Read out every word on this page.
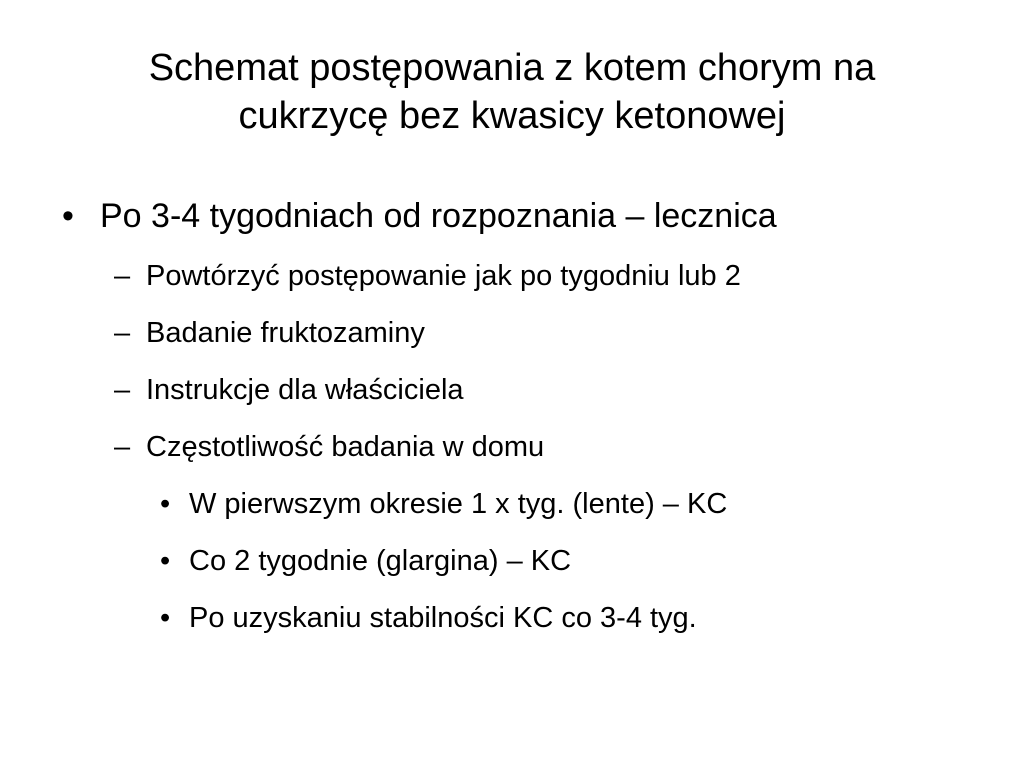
Schemat postępowania z kotem chorym na
cukrzycę bez kwasicy ketonowej
• Po 3-4 tygodniach od rozpoznania – lecznica
– Powtórzyć postępowanie jak po tygodniu lub 2
– Badanie fruktozaminy
– Instrukcje dla właściciela
– Częstotliwość badania w domu
• W pierwszym okresie 1 x tyg. (lente) – KC
• Co 2 tygodnie (glargina) – KC
• Po uzyskaniu stabilności KC co 3-4 tyg.
